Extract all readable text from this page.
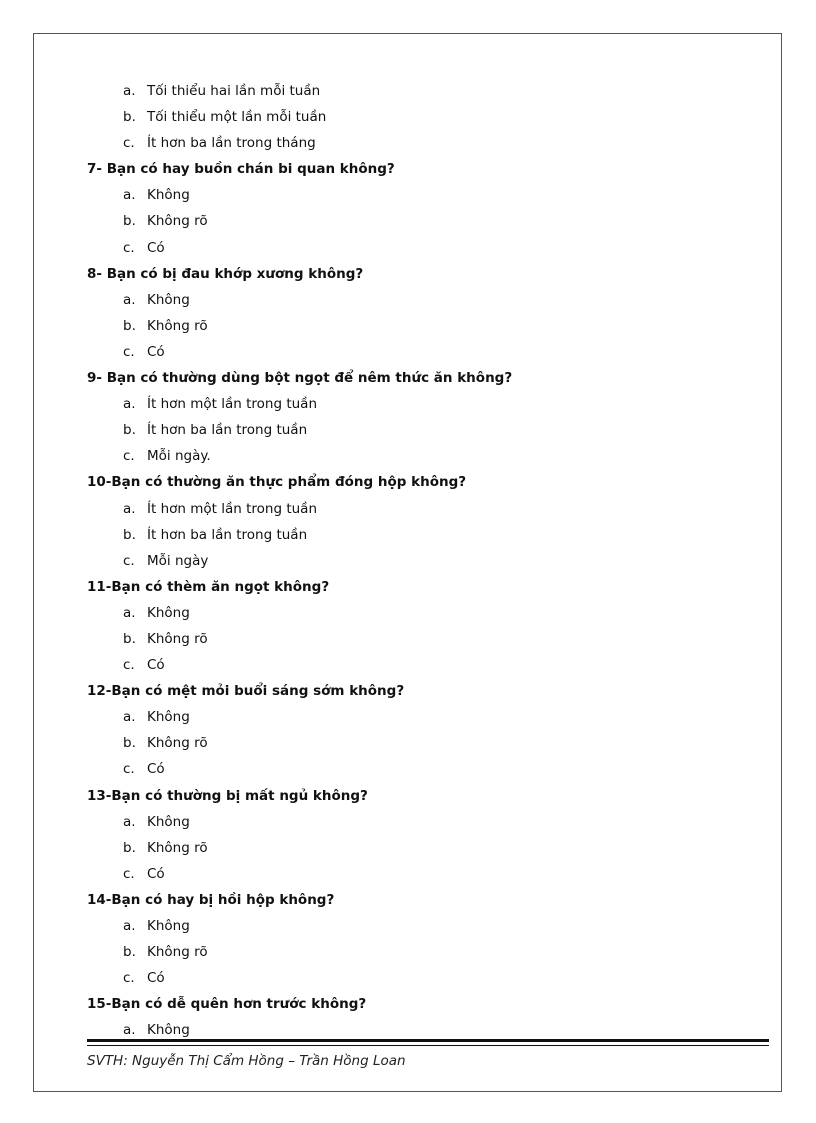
a. Tối thiểu hai lần mỗi tuần
b. Tối thiểu một lần mỗi tuần
c. Ít hơn ba lần trong tháng
7- Bạn có hay buồn chán bi quan không?
a. Không
b. Không rõ
c. Có
8- Bạn có bị đau khớp xương không?
a. Không
b. Không rõ
c. Có
9- Bạn có thường dùng bột ngọt để nêm thức ăn không?
a. Ít hơn một lần trong tuần
b. Ít hơn ba lần trong tuần
c. Mỗi ngày.
10-Bạn có thường ăn thực phẩm đóng hộp không?
a. Ít hơn một lần trong tuần
b. Ít hơn ba lần trong tuần
c. Mỗi ngày
11-Bạn có thèm ăn ngọt không?
a. Không
b. Không rõ
c. Có
12-Bạn có mệt mỏi buổi sáng sớm không?
a. Không
b. Không rõ
c. Có
13-Bạn có thường bị mất ngủ không?
a. Không
b. Không rõ
c. Có
14-Bạn có hay bị hồi hộp không?
a. Không
b. Không rõ
c. Có
15-Bạn có dễ quên hơn trước không?
a. Không
SVTH: Nguyễn Thị Cẩm Hồng – Trần Hồng Loan
